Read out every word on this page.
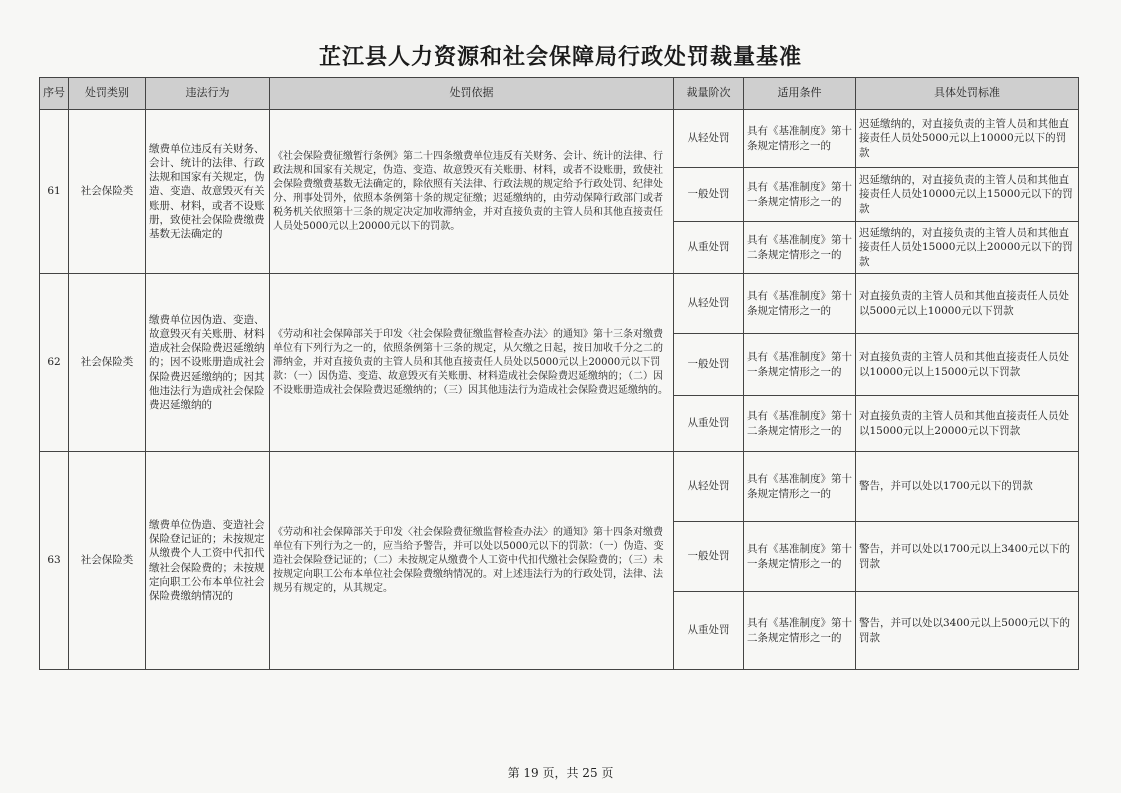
芷江县人力资源和社会保障局行政处罚裁量基准
序号	处罚类别	违法行为	处罚依据	裁量阶次	适用条件	具体处罚标准
61	社会保险类	缴费单位违反有关财务、会计、统计的法律、行政法规和国家有关规定，伪造、变造、故意毁灭有关账册、材料，或者不设账册，致使社会保险费缴费基数无法确定的	《社会保险费征缴暂行条例》第二十四条缴费单位违反有关财务、会计、统计的法律、行政法规和国家有关规定，伪造、变造、故意毁灭有关账册、材料，或者不设账册，致使社会保险费缴费基数无法确定的，除依照有关法律、行政法规的规定给予行政处罚、纪律处分、刑事处罚外，依照本条例第十条的规定征缴；迟延缴纳的，由劳动保障行政部门或者税务机关依照第十三条的规定决定加收滞纳金，并对直接负责的主管人员和其他直接责任人员处5000元以上20000元以下的罚款。	从轻处罚	具有《基准制度》第十条规定情形之一的	迟延缴纳的，对直接负责的主管人员和其他直接责任人员处5000元以上10000元以下的罚款
				一般处罚	具有《基准制度》第十一条规定情形之一的	迟延缴纳的，对直接负责的主管人员和其他直接责任人员处10000元以上15000元以下的罚款
				从重处罚	具有《基准制度》第十二条规定情形之一的	迟延缴纳的，对直接负责的主管人员和其他直接责任人员处15000元以上20000元以下的罚款
62	社会保险类	缴费单位因伪造、变造、故意毁灭有关账册、材料造成社会保险费迟延缴纳的；因不设账册造成社会保险费迟延缴纳的；因其他违法行为造成社会保险费迟延缴纳的	《劳动和社会保障部关于印发〈社会保险费征缴监督检查办法〉的通知》第十三条对缴费单位有下列行为之一的，依照条例第十三条的规定，从欠缴之日起，按日加收千分之二的滞纳金，并对直接负责的主管人员和其他直接责任人员处以5000元以上20000元以下罚款：（一）因伪造、变造、故意毁灭有关账册、材料造成社会保险费迟延缴纳的；（二）因不设账册造成社会保险费迟延缴纳的；（三）因其他违法行为造成社会保险费迟延缴纳的。	从轻处罚	具有《基准制度》第十条规定情形之一的	对直接负责的主管人员和其他直接责任人员处以5000元以上10000元以下罚款
				一般处罚	具有《基准制度》第十一条规定情形之一的	对直接负责的主管人员和其他直接责任人员处以10000元以上15000元以下罚款
				从重处罚	具有《基准制度》第十二条规定情形之一的	对直接负责的主管人员和其他直接责任人员处以15000元以上20000元以下罚款
63	社会保险类	缴费单位伪造、变造社会保险登记证的；未按规定从缴费个人工资中代扣代缴社会保险费的；未按规定向职工公布本单位社会保险费缴纳情况的	《劳动和社会保障部关于印发〈社会保险费征缴监督检查办法〉的通知》第十四条对缴费单位有下列行为之一的，应当给予警告，并可以处以5000元以下的罚款：（一）伪造、变造社会保险登记证的；（二）未按规定从缴费个人工资中代扣代缴社会保险费的；（三）未按规定向职工公布本单位社会保险费缴纳情况的。对上述违法行为的行政处罚，法律、法规另有规定的，从其规定。	从轻处罚	具有《基准制度》第十条规定情形之一的	警告，并可以处以1700元以下的罚款
				一般处罚	具有《基准制度》第十一条规定情形之一的	警告，并可以处以1700元以上3400元以下的罚款
				从重处罚	具有《基准制度》第十二条规定情形之一的	警告，并可以处以3400元以上5000元以下的罚款
第 19 页，共 25 页
